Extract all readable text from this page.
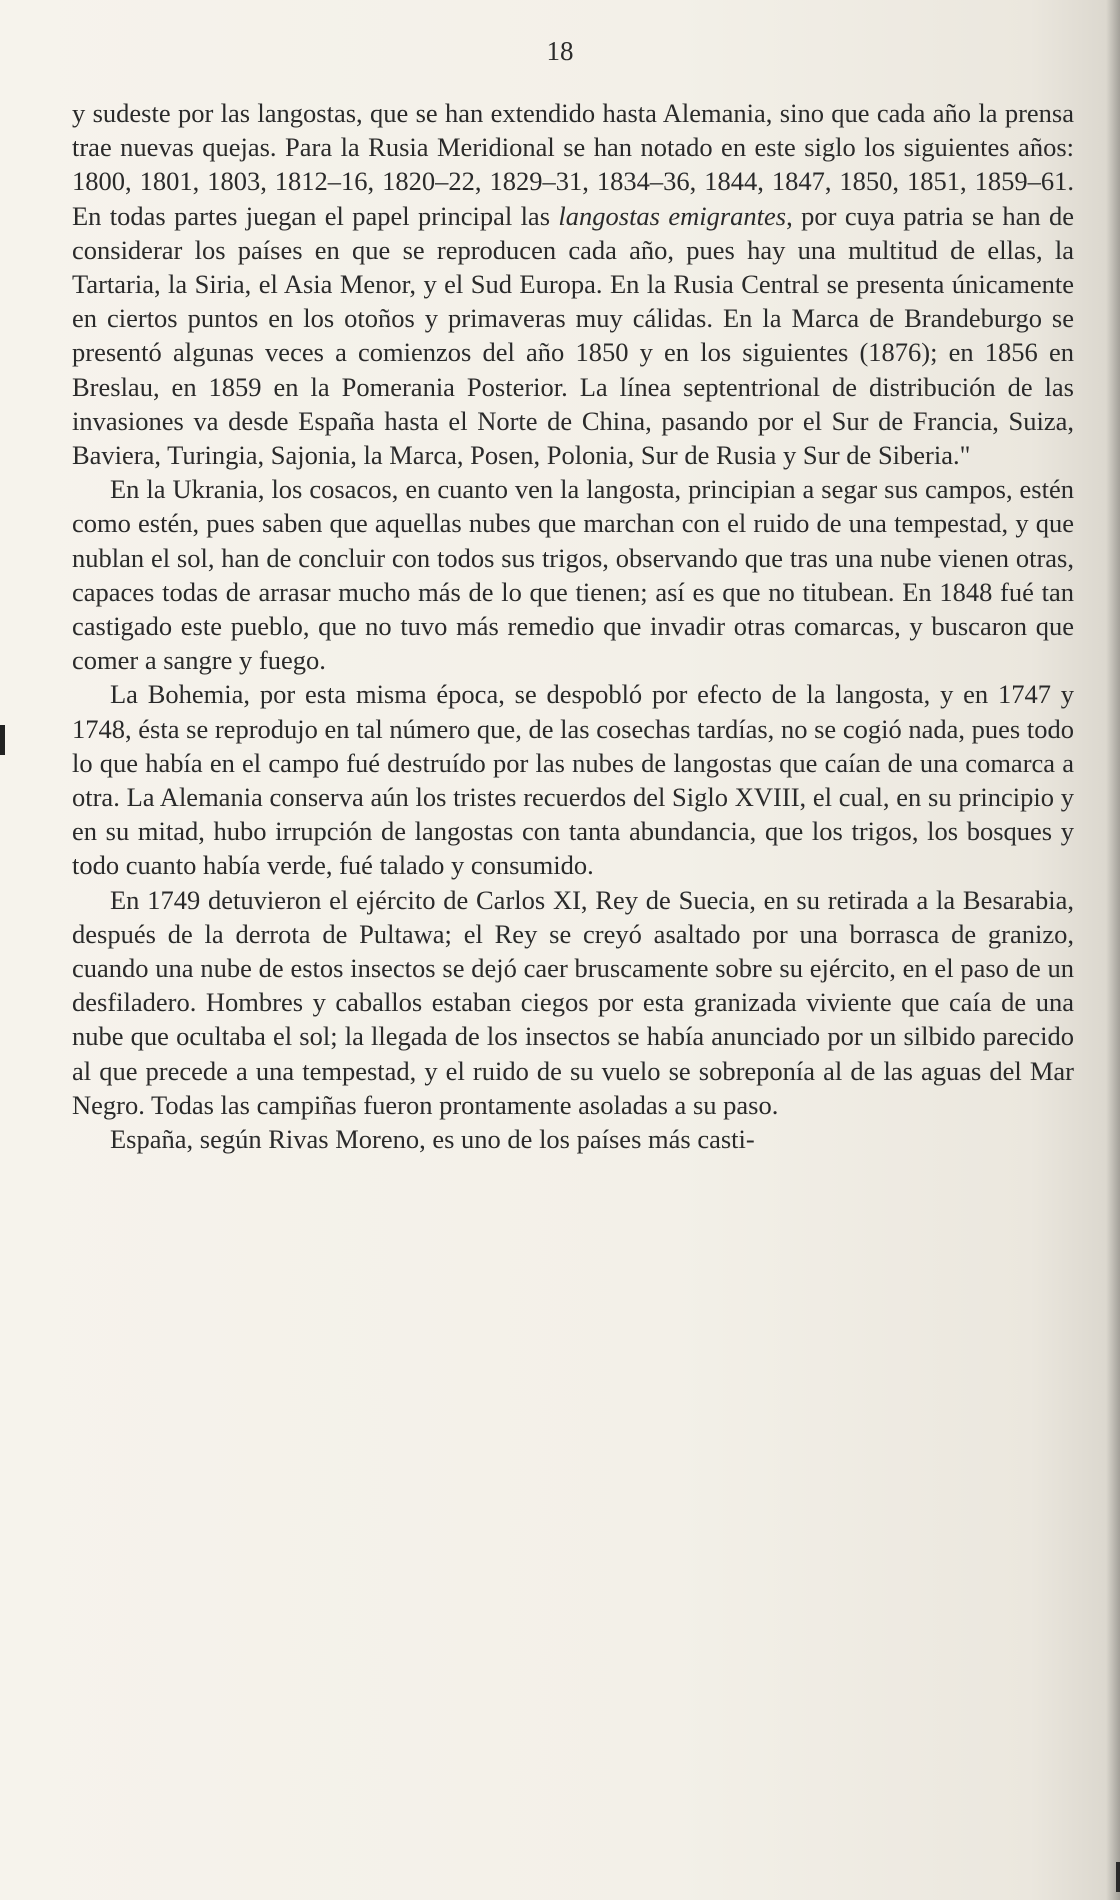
18

y sudeste por las langostas, que se han extendido hasta Alemania, sino que cada año la prensa trae nuevas quejas. Para la Rusia Meridional se han notado en este siglo los siguientes años: 1800, 1801, 1803, 1812–16, 1820–22, 1829–31, 1834–36, 1844, 1847, 1850, 1851, 1859–61. En todas partes juegan el papel principal las langostas emigrantes, por cuya patria se han de considerar los países en que se reproducen cada año, pues hay una multitud de ellas, la Tartaria, la Siria, el Asia Menor, y el Sud Europa. En la Rusia Central se presenta únicamente en ciertos puntos en los otoños y primaveras muy cálidas. En la Marca de Brandeburgo se presentó algunas veces a comienzos del año 1850 y en los siguientes (1876); en 1856 en Breslau, en 1859 en la Pomerania Posterior. La línea septentrional de distribución de las invasiones va desde España hasta el Norte de China, pasando por el Sur de Francia, Suiza, Baviera, Turingia, Sajonia, la Marca, Posen, Polonia, Sur de Rusia y Sur de Siberia."

En la Ukrania, los cosacos, en cuanto ven la langosta, principian a segar sus campos, estén como estén, pues saben que aquellas nubes que marchan con el ruido de una tempestad, y que nublan el sol, han de concluir con todos sus trigos, observando que tras una nube vienen otras, capaces todas de arrasar mucho más de lo que tienen; así es que no titubean. En 1848 fué tan castigado este pueblo, que no tuvo más remedio que invadir otras comarcas, y buscaron que comer a sangre y fuego.

La Bohemia, por esta misma época, se despobló por efecto de la langosta, y en 1747 y 1748, ésta se reprodujo en tal número que, de las cosechas tardías, no se cogió nada, pues todo lo que había en el campo fué destruído por las nubes de langostas que caían de una comarca a otra. La Alemania conserva aún los tristes recuerdos del Siglo XVIII, el cual, en su principio y en su mitad, hubo irrupción de langostas con tanta abundancia, que los trigos, los bosques y todo cuanto había verde, fué talado y consumido.

En 1749 detuvieron el ejército de Carlos XI, Rey de Suecia, en su retirada a la Besarabia, después de la derrota de Pultawa; el Rey se creyó asaltado por una borrasca de granizo, cuando una nube de estos insectos se dejó caer bruscamente sobre su ejército, en el paso de un desfiladero. Hombres y caballos estaban ciegos por esta granizada viviente que caía de una nube que ocultaba el sol; la llegada de los insectos se había anunciado por un silbido parecido al que precede a una tempestad, y el ruido de su vuelo se sobreponía al de las aguas del Mar Negro. Todas las campiñas fueron prontamente asoladas a su paso.

España, según Rivas Moreno, es uno de los países más casti-
